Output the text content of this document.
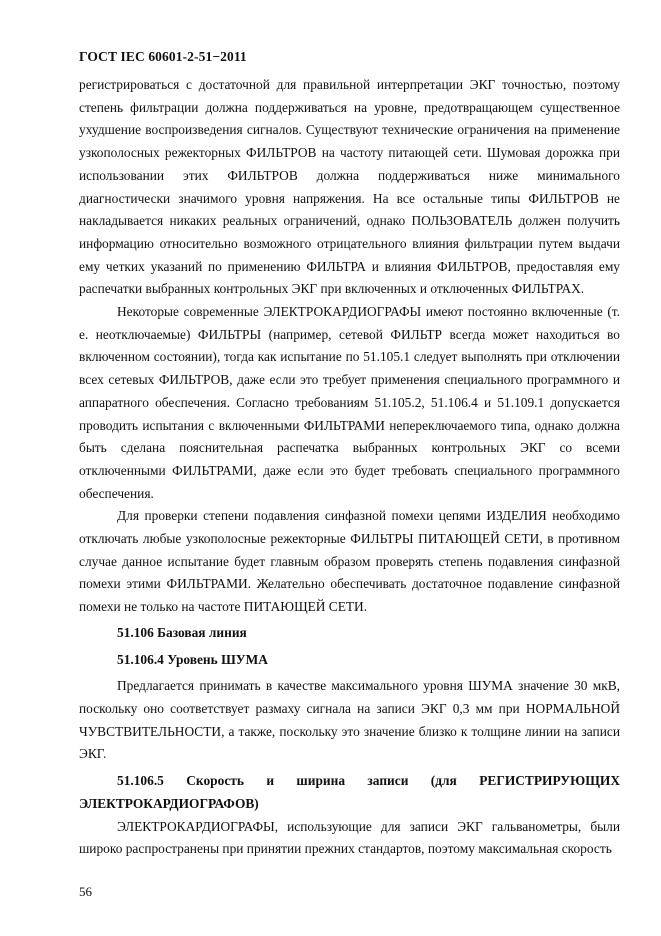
ГОСТ IEC 60601-2-51−2011

регистрироваться с достаточной для правильной интерпретации ЭКГ точностью, поэтому степень фильтрации должна поддерживаться на уровне, предотвращающем существенное ухудшение воспроизведения сигналов. Существуют технические ограничения на применение узкополосных режекторных ФИЛЬТРОВ на частоту питающей сети. Шумовая дорожка при использовании этих ФИЛЬТРОВ должна поддерживаться ниже минимального диагностически значимого уровня напряжения. На все остальные типы ФИЛЬТРОВ не накладывается никаких реальных ограничений, однако ПОЛЬЗОВАТЕЛЬ должен получить информацию относительно возможного отрицательного влияния фильтрации путем выдачи ему четких указаний по применению ФИЛЬТРА и влияния ФИЛЬТРОВ, предоставляя ему распечатки выбранных контрольных ЭКГ при включенных и отключенных ФИЛЬТРАХ.

Некоторые современные ЭЛЕКТРОКАРДИОГРАФЫ имеют постоянно включенные (т. е. неотключаемые) ФИЛЬТРЫ (например, сетевой ФИЛЬТР всегда может находиться во включенном состоянии), тогда как испытание по 51.105.1 следует выполнять при отключении всех сетевых ФИЛЬТРОВ, даже если это требует применения специального программного и аппаратного обеспечения. Согласно требованиям 51.105.2, 51.106.4 и 51.109.1 допускается проводить испытания с включенными ФИЛЬТРАМИ непереключаемого типа, однако должна быть сделана пояснительная распечатка выбранных контрольных ЭКГ со всеми отключенными ФИЛЬТРАМИ, даже если это будет требовать специального программного обеспечения.

Для проверки степени подавления синфазной помехи цепями ИЗДЕЛИЯ необходимо отключать любые узкополосные режекторные ФИЛЬТРЫ ПИТАЮЩЕЙ СЕТИ, в противном случае данное испытание будет главным образом проверять степень подавления синфазной помехи этими ФИЛЬТРАМИ. Желательно обеспечивать достаточное подавление синфазной помехи не только на частоте ПИТАЮЩЕЙ СЕТИ.

51.106 Базовая линия
51.106.4 Уровень ШУМА

Предлагается принимать в качестве максимального уровня ШУМА значение 30 мкВ, поскольку оно соответствует размаху сигнала на записи ЭКГ 0,3 мм при НОРМАЛЬНОЙ ЧУВСТВИТЕЛЬНОСТИ, а также, поскольку это значение близко к толщине линии на записи ЭКГ.

51.106.5 Скорость и ширина записи (для РЕГИСТРИРУЮЩИХ ЭЛЕКТРОКАРДИОГРАФОВ)

ЭЛЕКТРОКАРДИОГРАФЫ, использующие для записи ЭКГ гальванометры, были широко распространены при принятии прежних стандартов, поэтому максимальная скорость

56
